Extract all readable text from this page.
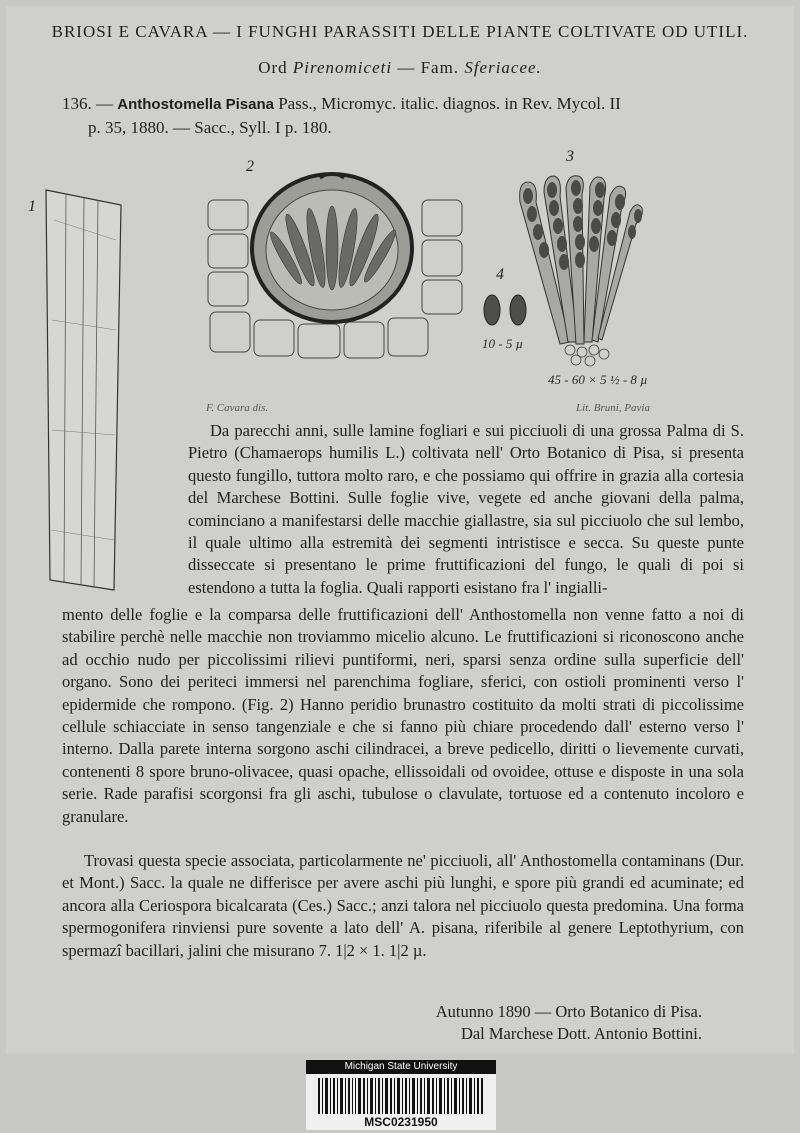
BRIOSI E CAVARA — I FUNGHI PARASSITI DELLE PIANTE COLTIVATE OD UTILI.
Ord Pirenomiceti — Fam. Sferiacee.
136. — Anthostomella Pisana Pass., Micromyc. italic. diagnos. in Rev. Mycol. II
p. 35, 1880. — Sacc., Syll. I p. 180.
1
2
3
4
10 - 5 µ
45 - 60 × 5 ½ - 8 µ
F. Cavara dis.	Lit. Bruni, Pavia
Da parecchi anni, sulle lamine fogliari e sui picciuoli di una grossa Palma di S. Pietro (Chamaerops humilis L.) coltivata nell' Orto Botanico di Pisa, si presenta questo fungillo, tuttora molto raro, e che possiamo qui offrire in grazia alla cortesia del Marchese Bottini. Sulle foglie vive, vegete ed anche giovani della palma, cominciano a manifestarsi delle macchie giallastre, sia sul picciuolo che sul lembo, il quale ultimo alla estremità dei segmenti intristisce e secca. Su queste punte disseccate si presentano le prime fruttificazioni del fungo, le quali di poi si estendono a tutta la foglia. Quali rapporti esistano fra l' ingialli-
mento delle foglie e la comparsa delle fruttificazioni dell' Anthostomella non venne fatto a noi di stabilire perchè nelle macchie non troviammo micelio alcuno. Le fruttificazioni si riconoscono anche ad occhio nudo per piccolissimi rilievi puntiformi, neri, sparsi senza ordine sulla superficie dell' organo. Sono dei periteci immersi nel parenchima fogliare, sferici, con ostioli prominenti verso l' epidermide che rompono. (Fig. 2) Hanno peridio brunastro costituito da molti strati di piccolissime cellule schiacciate in senso tangenziale e che si fanno più chiare procedendo dall' esterno verso l' interno. Dalla parete interna sorgono aschi cilindracei, a breve pedicello, diritti o lievemente curvati, contenenti 8 spore bruno-olivacee, quasi opache, ellissoidali od ovoidee, ottuse e disposte in una sola serie. Rade parafisi scorgonsi fra gli aschi, tubulose o clavulate, tortuose ed a contenuto incoloro e granulare.
Trovasi questa specie associata, particolarmente ne' picciuoli, all' Anthostomella contaminans (Dur. et Mont.) Sacc. la quale ne differisce per avere aschi più lunghi, e spore più grandi ed acuminate; ed ancora alla Ceriospora bicalcarata (Ces.) Sacc.; anzi talora nel picciuolo questa predomina. Una forma spermogonifera rinviensi pure sovente a lato dell' A. pisana, riferibile al genere Leptothyrium, con spermazî bacillari, jalini che misurano 7. 1|2 × 1. 1|2 µ.
Autunno 1890 — Orto Botanico di Pisa.
Dal Marchese Dott. Antonio Bottini.
Michigan State University
MSC0231950
